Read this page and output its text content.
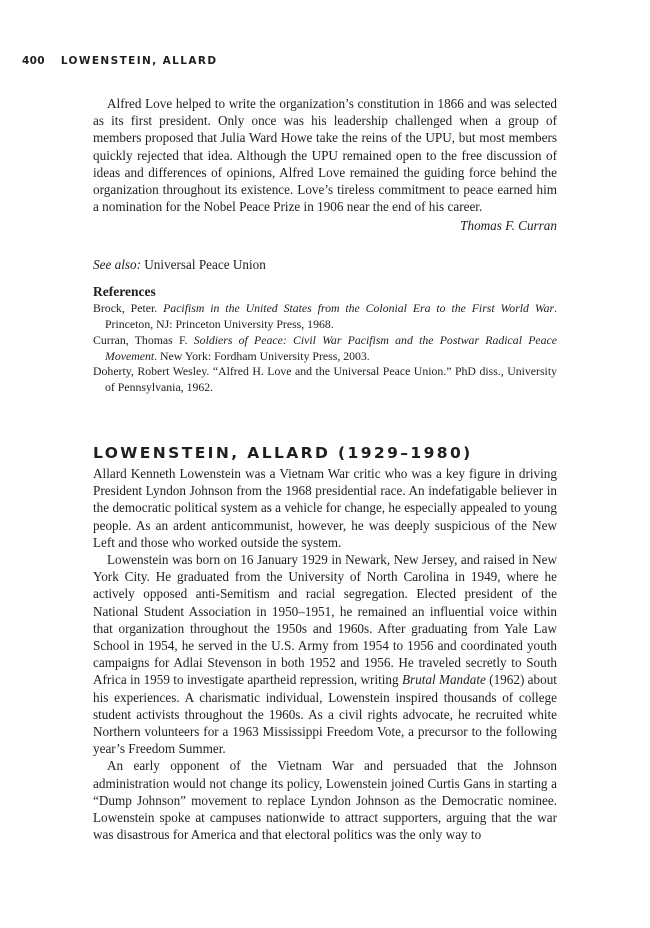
400 LOWENSTEIN, ALLARD

Alfred Love helped to write the organization’s constitution in 1866 and was selected as its first president. Only once was his leadership challenged when a group of members proposed that Julia Ward Howe take the reins of the UPU, but most members quickly rejected that idea. Although the UPU remained open to the free discussion of ideas and differences of opinions, Alfred Love remained the guiding force behind the organization throughout its existence. Love’s tireless commitment to peace earned him a nomination for the Nobel Peace Prize in 1906 near the end of his career.

Thomas F. Curran
See also: Universal Peace Union
References
Brock, Peter. Pacifism in the United States from the Colonial Era to the First World War. Princeton, NJ: Princeton University Press, 1968.
Curran, Thomas F. Soldiers of Peace: Civil War Pacifism and the Postwar Radical Peace Movement. New York: Fordham University Press, 2003.
Doherty, Robert Wesley. “Alfred H. Love and the Universal Peace Union.” PhD diss., University of Pennsylvania, 1962.
LOWENSTEIN, ALLARD (1929–1980)

Allard Kenneth Lowenstein was a Vietnam War critic who was a key figure in driving President Lyndon Johnson from the 1968 presidential race. An indefatigable believer in the democratic political system as a vehicle for change, he especially appealed to young people. As an ardent anticommunist, however, he was deeply suspicious of the New Left and those who worked outside the system.

Lowenstein was born on 16 January 1929 in Newark, New Jersey, and raised in New York City. He graduated from the University of North Carolina in 1949, where he actively opposed anti-Semitism and racial segregation. Elected president of the National Student Association in 1950–1951, he remained an influential voice within that organization throughout the 1950s and 1960s. After graduating from Yale Law School in 1954, he served in the U.S. Army from 1954 to 1956 and coordinated youth campaigns for Adlai Stevenson in both 1952 and 1956. He traveled secretly to South Africa in 1959 to investigate apartheid repression, writing Brutal Mandate (1962) about his experiences. A charismatic individual, Lowenstein inspired thousands of college student activists throughout the 1960s. As a civil rights advocate, he recruited white Northern volunteers for a 1963 Mississippi Freedom Vote, a precursor to the following year’s Freedom Summer.

An early opponent of the Vietnam War and persuaded that the Johnson administration would not change its policy, Lowenstein joined Curtis Gans in starting a “Dump Johnson” movement to replace Lyndon Johnson as the Democratic nominee. Lowenstein spoke at campuses nationwide to attract supporters, arguing that the war was disastrous for America and that electoral politics was the only way to
